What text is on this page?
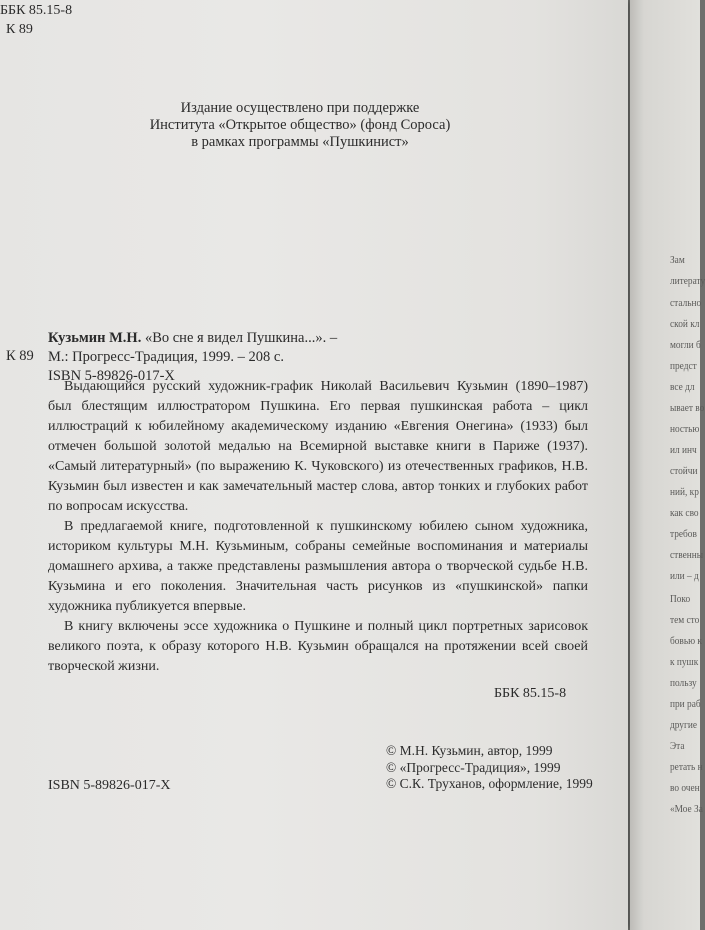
ББК 85.15-8
К 89
Издание осуществлено при поддержке
Института «Открытое общество» (фонд Сороса)
в рамках программы «Пушкинист»
К 89
Кузьмин М.Н. «Во сне я видел Пушкина...». –
М.: Прогресс-Традиция, 1999. – 208 с.
ISBN 5-89826-017-X

Выдающийся русский художник-график Николай Васильевич Кузьмин (1890–1987) был блестящим иллюстратором Пушкина. Его первая пушкинская работа – цикл иллюстраций к юбилейному академическому изданию «Евгения Онегина» (1933) был отмечен большой золотой медалью на Всемирной выставке книги в Париже (1937). «Самый литературный» (по выражению К. Чуковского) из отечественных графиков, Н.В. Кузьмин был известен и как замечательный мастер слова, автор тонких и глубоких работ по вопросам искусства.

В предлагаемой книге, подготовленной к пушкинскому юбилею сыном художника, историком культуры М.Н. Кузьминым, собраны семейные воспоминания и материалы домашнего архива, а также представлены размышления автора о творческой судьбе Н.В. Кузьмина и его поколения. Значительная часть рисунков из «пушкинской» папки художника публикуется впервые.

В книгу включены эссе художника о Пушкине и полный цикл портретных зарисовок великого поэта, к образу которого Н.В. Кузьмин обращался на протяжении всей своей творческой жизни.

ББК 85.15-8
ISBN 5-89826-017-X
© М.Н. Кузьмин, автор, 1999
© «Прогресс-Традиция», 1999
© С.К. Труханов, оформление, 1999
Зам
литерату
стально
ской кл
могли б
предст
все дл
ывает во
ностью
ил инч
стойчи
ний, кр
как сво
требов
ственны
или – д
Поко
тем сто
бовью к
к пушк
пользу
при раб
другие
Эта
ретать н
во очен
«Мое За
